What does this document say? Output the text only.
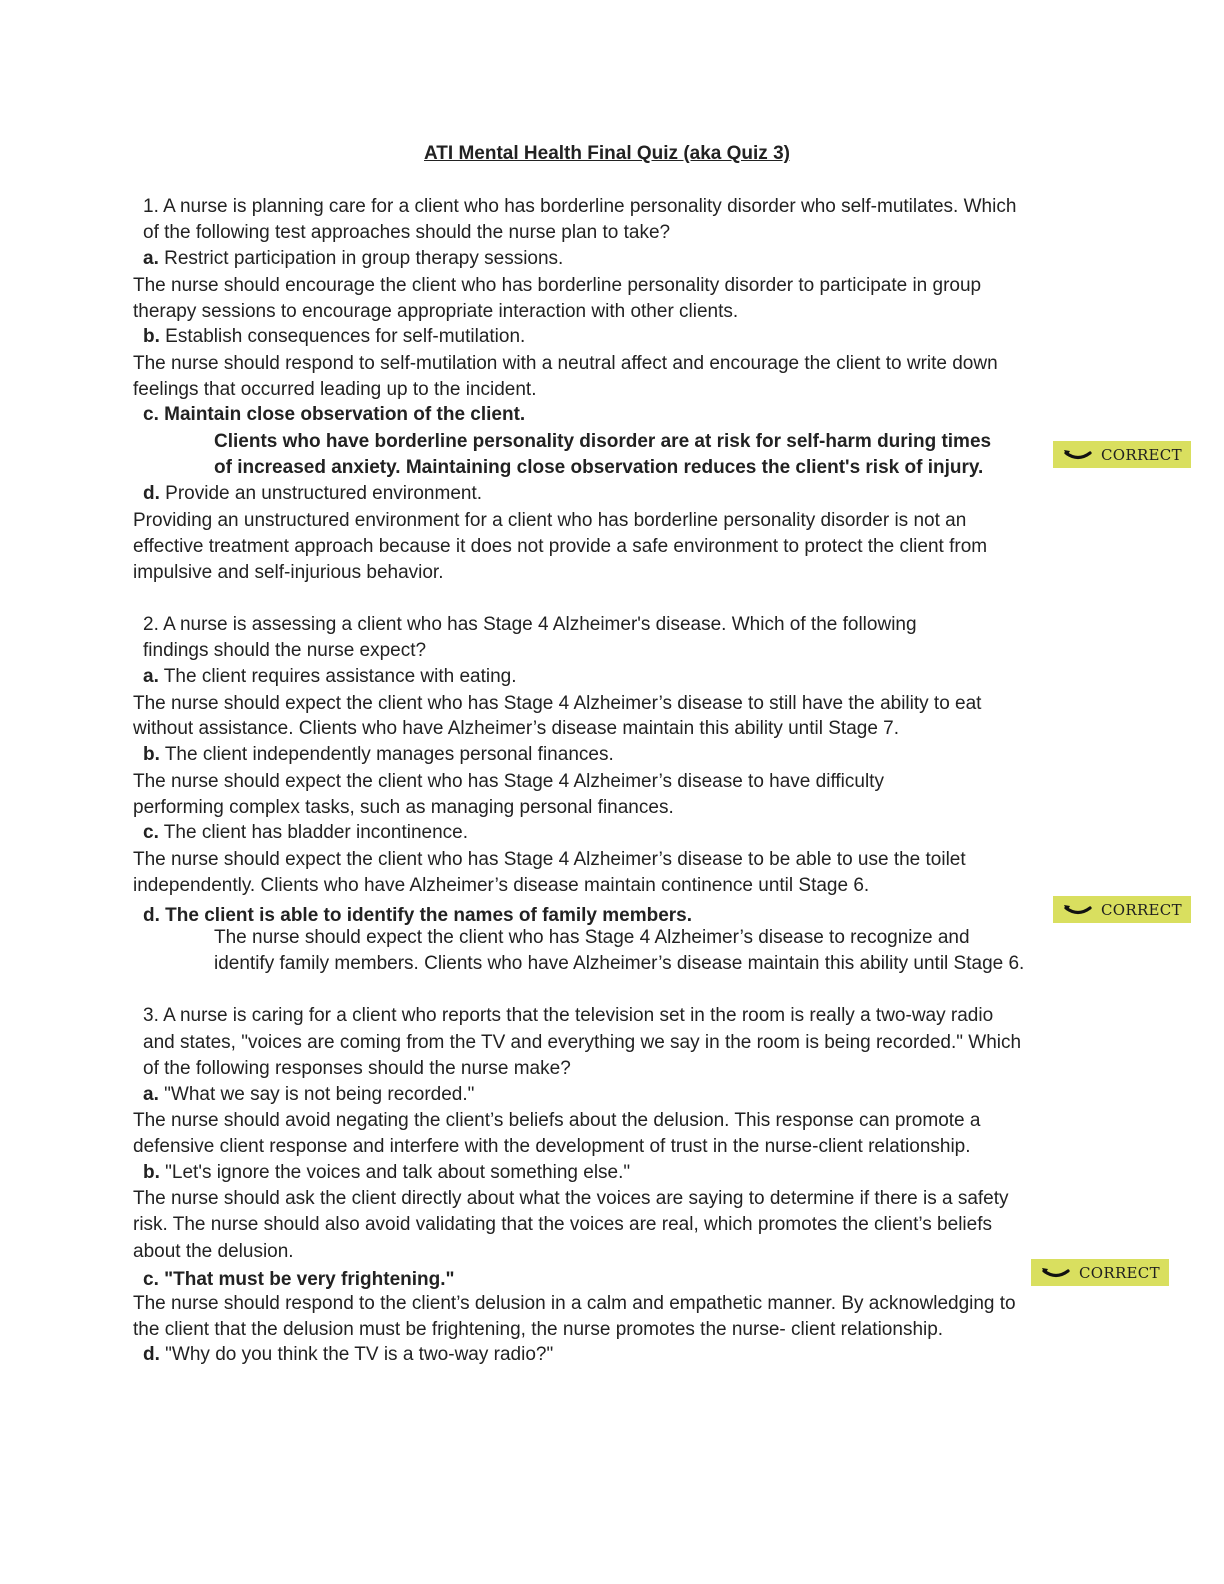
ATI Mental Health Final Quiz (aka Quiz 3)

1. A nurse is planning care for a client who has borderline personality disorder who self-mutilates. Which

of the following test approaches should the nurse plan to take?

a. Restrict participation in group therapy sessions.

The nurse should encourage the client who has borderline personality disorder to participate in group

therapy sessions to encourage appropriate interaction with other clients.

b. Establish consequences for self-mutilation.

The nurse should respond to self-mutilation with a neutral affect and encourage the client to write down

feelings that occurred leading up to the incident.

c. Maintain close observation of the client.

Clients who have borderline personality disorder are at risk for self-harm during times

of increased anxiety. Maintaining close observation reduces the client's risk of injury.

CORRECT

d. Provide an unstructured environment.

Providing an unstructured environment for a client who has borderline personality disorder is not an

effective treatment approach because it does not provide a safe environment to protect the client from

impulsive and self-injurious behavior.

2. A nurse is assessing a client who has Stage 4 Alzheimer's disease. Which of the following

findings should the nurse expect?

a. The client requires assistance with eating.

The nurse should expect the client who has Stage 4 Alzheimer’s disease to still have the ability to eat

without assistance. Clients who have Alzheimer’s disease maintain this ability until Stage 7.

b. The client independently manages personal finances.

The nurse should expect the client who has Stage 4 Alzheimer’s disease to have difficulty

performing complex tasks, such as managing personal finances.

c. The client has bladder incontinence.

The nurse should expect the client who has Stage 4 Alzheimer’s disease to be able to use the toilet

independently. Clients who have Alzheimer’s disease maintain continence until Stage 6.

d. The client is able to identify the names of family members.	CORRECT

The nurse should expect the client who has Stage 4 Alzheimer’s disease to recognize and

identify family members. Clients who have Alzheimer’s disease maintain this ability until Stage 6.

3. A nurse is caring for a client who reports that the television set in the room is really a two-way radio

and states, "voices are coming from the TV and everything we say in the room is being recorded." Which

of the following responses should the nurse make?

a. "What we say is not being recorded."

The nurse should avoid negating the client’s beliefs about the delusion. This response can promote a

defensive client response and interfere with the development of trust in the nurse-client relationship.

b. "Let's ignore the voices and talk about something else."

The nurse should ask the client directly about what the voices are saying to determine if there is a safety

risk. The nurse should also avoid validating that the voices are real, which promotes the client’s beliefs

about the delusion.

c. "That must be very frightening."	CORRECT

The nurse should respond to the client’s delusion in a calm and empathetic manner. By acknowledging to

the client that the delusion must be frightening, the nurse promotes the nurse- client relationship.

d. "Why do you think the TV is a two-way radio?"
